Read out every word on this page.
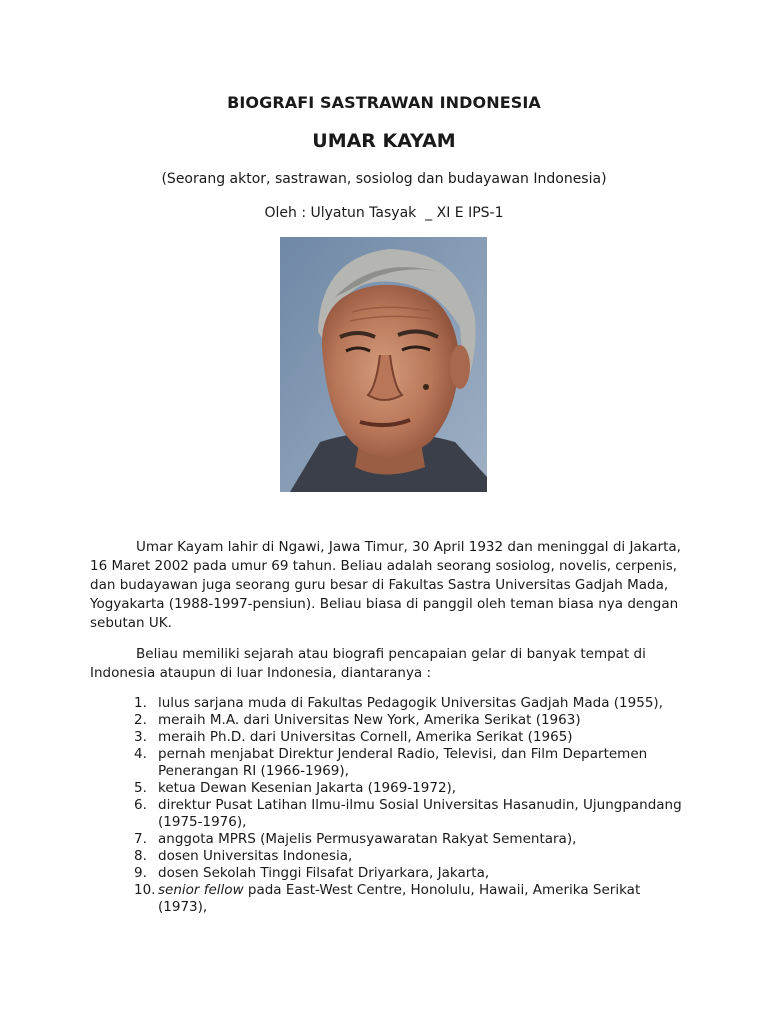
BIOGRAFI SASTRAWAN INDONESIA
UMAR KAYAM
(Seorang aktor, sastrawan, sosiolog dan budayawan Indonesia)
Oleh : Ulyatun Tasyak  _ XI E IPS-1
Umar Kayam lahir di Ngawi, Jawa Timur, 30 April 1932 dan meninggal di Jakarta, 16 Maret 2002 pada umur 69 tahun. Beliau adalah seorang sosiolog, novelis, cerpenis, dan budayawan juga seorang guru besar di Fakultas Sastra Universitas Gadjah Mada, Yogyakarta (1988-1997-pensiun). Beliau biasa di panggil oleh teman biasa nya dengan sebutan UK.
Beliau memiliki sejarah atau biografi pencapaian gelar di banyak tempat di Indonesia ataupun di luar Indonesia, diantaranya :
1. lulus sarjana muda di Fakultas Pedagogik Universitas Gadjah Mada (1955),
2. meraih M.A. dari Universitas New York, Amerika Serikat (1963)
3. meraih Ph.D. dari Universitas Cornell, Amerika Serikat (1965)
4. pernah menjabat Direktur Jenderal Radio, Televisi, dan Film Departemen Penerangan RI (1966-1969),
5. ketua Dewan Kesenian Jakarta (1969-1972),
6. direktur Pusat Latihan Ilmu-ilmu Sosial Universitas Hasanudin, Ujungpandang (1975-1976),
7. anggota MPRS (Majelis Permusyawaratan Rakyat Sementara),
8. dosen Universitas Indonesia,
9. dosen Sekolah Tinggi Filsafat Driyarkara, Jakarta,
10. senior fellow pada East-West Centre, Honolulu, Hawaii, Amerika Serikat (1973),
